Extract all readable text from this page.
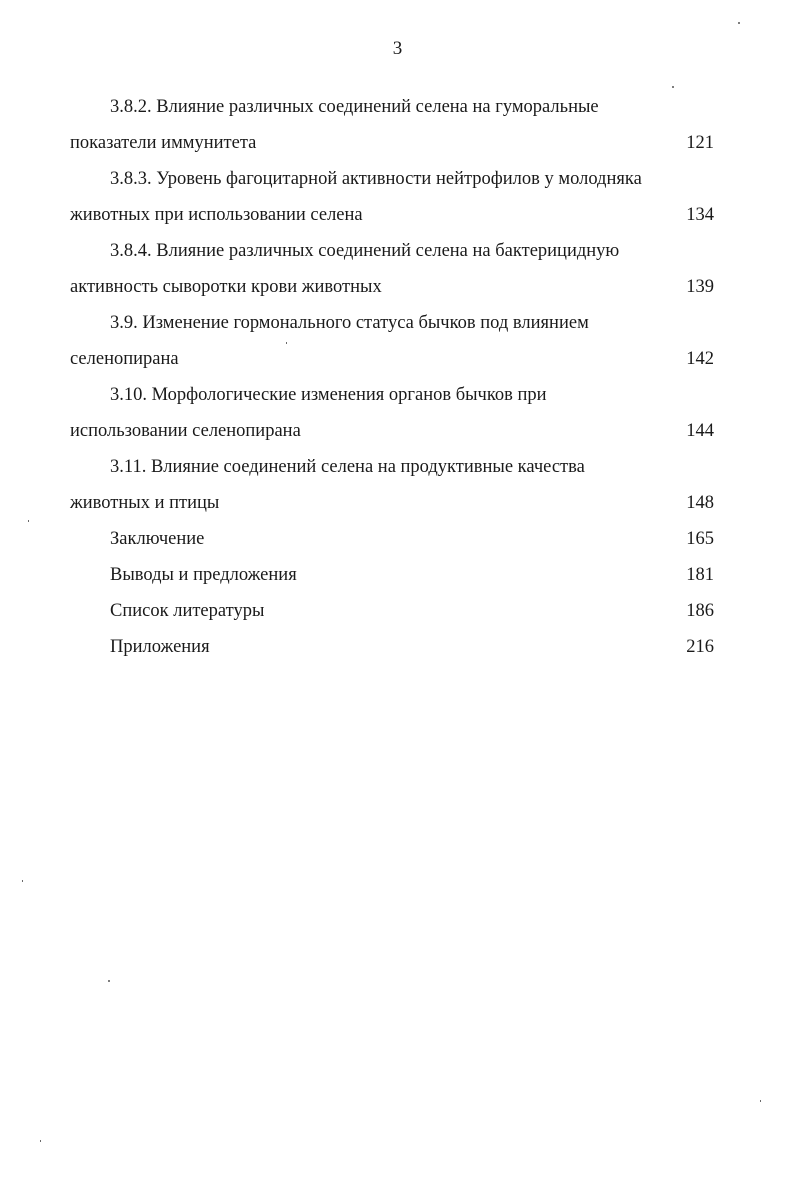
3
3.8.2. Влияние различных соединений селена на гуморальные
показатели иммунитета	121
3.8.3. Уровень фагоцитарной активности нейтрофилов у молодняка
животных при использовании селена	134
3.8.4. Влияние различных соединений селена на бактерицидную
активность сыворотки крови животных	139
3.9. Изменение гормонального статуса бычков под влиянием
селенопирана	142
3.10. Морфологические изменения органов бычков при
использовании селенопирана	144
3.11. Влияние соединений селена на продуктивные качества
животных и птицы	148
Заключение	165
Выводы и предложения	181
Список литературы	186
Приложения	216
